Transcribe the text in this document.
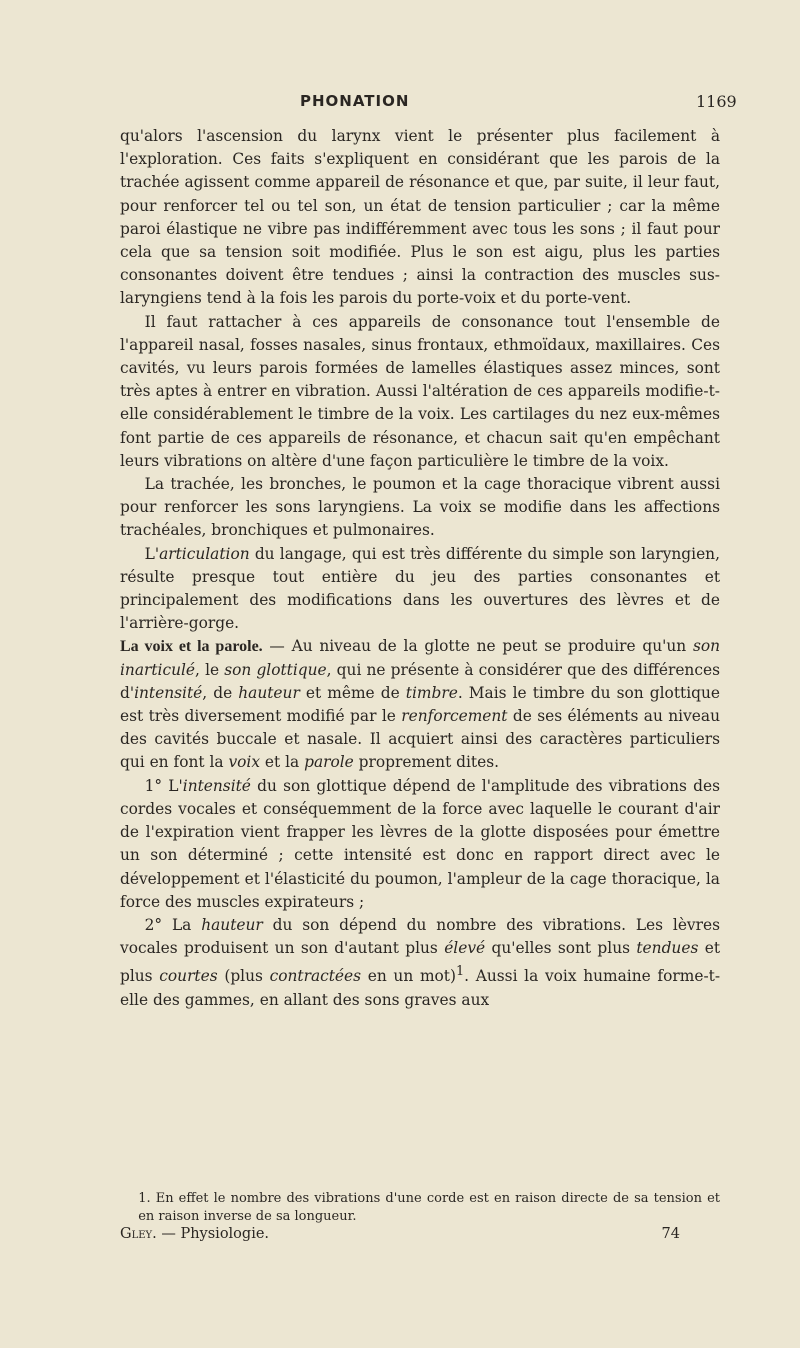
PHONATION	1169

qu'alors l'ascension du larynx vient le présenter plus facilement à l'exploration. Ces faits s'expliquent en considérant que les parois de la trachée agissent comme appareil de résonance et que, par suite, il leur faut, pour renforcer tel ou tel son, un état de tension particulier ; car la même paroi élastique ne vibre pas indifféremment avec tous les sons ; il faut pour cela que sa tension soit modifiée. Plus le son est aigu, plus les parties consonantes doivent être tendues ; ainsi la contraction des muscles sus-laryngiens tend à la fois les parois du porte-voix et du porte-vent.

Il faut rattacher à ces appareils de consonance tout l'ensemble de l'appareil nasal, fosses nasales, sinus frontaux, ethmoïdaux, maxillaires. Ces cavités, vu leurs parois formées de lamelles élastiques assez minces, sont très aptes à entrer en vibration. Aussi l'altération de ces appareils modifie-t-elle considérablement le timbre de la voix. Les cartilages du nez eux-mêmes font partie de ces appareils de résonance, et chacun sait qu'en empêchant leurs vibrations on altère d'une façon particulière le timbre de la voix.

La trachée, les bronches, le poumon et la cage thoracique vibrent aussi pour renforcer les sons laryngiens. La voix se modifie dans les affections trachéales, bronchiques et pulmonaires.

L'articulation du langage, qui est très différente du simple son laryngien, résulte presque tout entière du jeu des parties consonantes et principalement des modifications dans les ouvertures des lèvres et de l'arrière-gorge.

La voix et la parole. — Au niveau de la glotte ne peut se produire qu'un son inarticulé, le son glottique, qui ne présente à considérer que des différences d'intensité, de hauteur et même de timbre. Mais le timbre du son glottique est très diversement modifié par le renforcement de ses éléments au niveau des cavités buccale et nasale. Il acquiert ainsi des caractères particuliers qui en font la voix et la parole proprement dites.

1° L'intensité du son glottique dépend de l'amplitude des vibrations des cordes vocales et conséquemment de la force avec laquelle le courant d'air de l'expiration vient frapper les lèvres de la glotte disposées pour émettre un son déterminé ; cette intensité est donc en rapport direct avec le développement et l'élasticité du poumon, l'ampleur de la cage thoracique, la force des muscles expirateurs ;

2° La hauteur du son dépend du nombre des vibrations. Les lèvres vocales produisent un son d'autant plus élevé qu'elles sont plus tendues et plus courtes (plus contractées en un mot)$^1$. Aussi la voix humaine forme-t-elle des gammes, en allant des sons graves aux

1. En effet le nombre des vibrations d'une corde est en raison directe de sa tension et en raison inverse de sa longueur.

Gley. — Physiologie.	74
